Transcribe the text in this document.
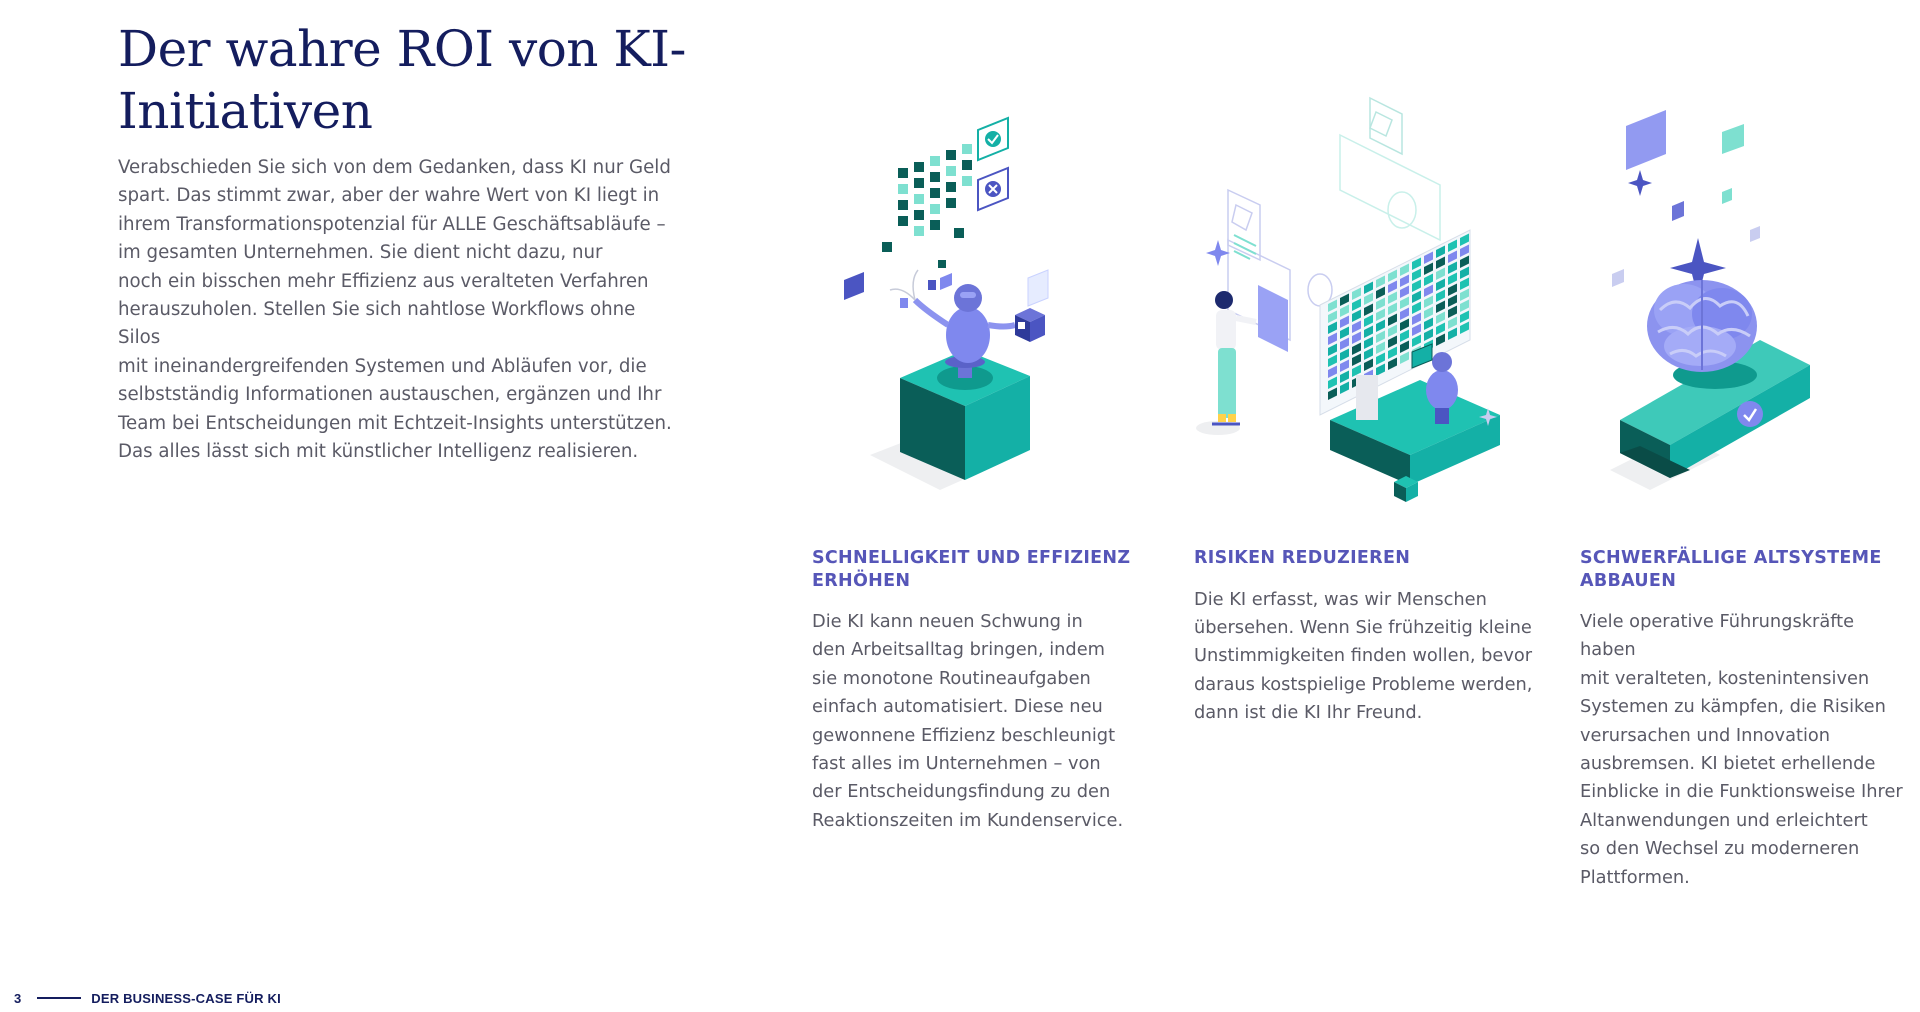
Der wahre ROI von KI-Initiativen

Verabschieden Sie sich von dem Gedanken, dass KI nur Geld

spart. Das stimmt zwar, aber der wahre Wert von KI liegt in

ihrem Transformationspotenzial für ALLE Geschäftsabläufe –

im gesamten Unternehmen. Sie dient nicht dazu, nur

noch ein bisschen mehr Effizienz aus veralteten Verfahren

herauszuholen. Stellen Sie sich nahtlose Workflows ohne Silos

mit ineinandergreifenden Systemen und Abläufen vor, die

selbstständig Informationen austauschen, ergänzen und Ihr

Team bei Entscheidungen mit Echtzeit-Insights unterstützen.

Das alles lässt sich mit künstlicher Intelligenz realisieren.

SCHNELLIGKEIT UND EFFIZIENZ
ERHÖHEN

Die KI kann neuen Schwung in

den Arbeitsalltag bringen, indem

sie monotone Routineaufgaben

einfach automatisiert. Diese neu

gewonnene Effizienz beschleunigt

fast alles im Unternehmen – von

der Entscheidungsfindung zu den

Reaktionszeiten im Kundenservice.

RISIKEN REDUZIEREN

Die KI erfasst, was wir Menschen

übersehen. Wenn Sie frühzeitig kleine

Unstimmigkeiten finden wollen, bevor

daraus kostspielige Probleme werden,

dann ist die KI Ihr Freund.

SCHWERFÄLLIGE ALTSYSTEME
ABBAUEN

Viele operative Führungskräfte haben

mit veralteten, kostenintensiven

Systemen zu kämpfen, die Risiken

verursachen und Innovation

ausbremsen. KI bietet erhellende

Einblicke in die Funktionsweise Ihrer

Altanwendungen und erleichtert

so den Wechsel zu moderneren

Plattformen.

3	DER BUSINESS-CASE FÜR KI
